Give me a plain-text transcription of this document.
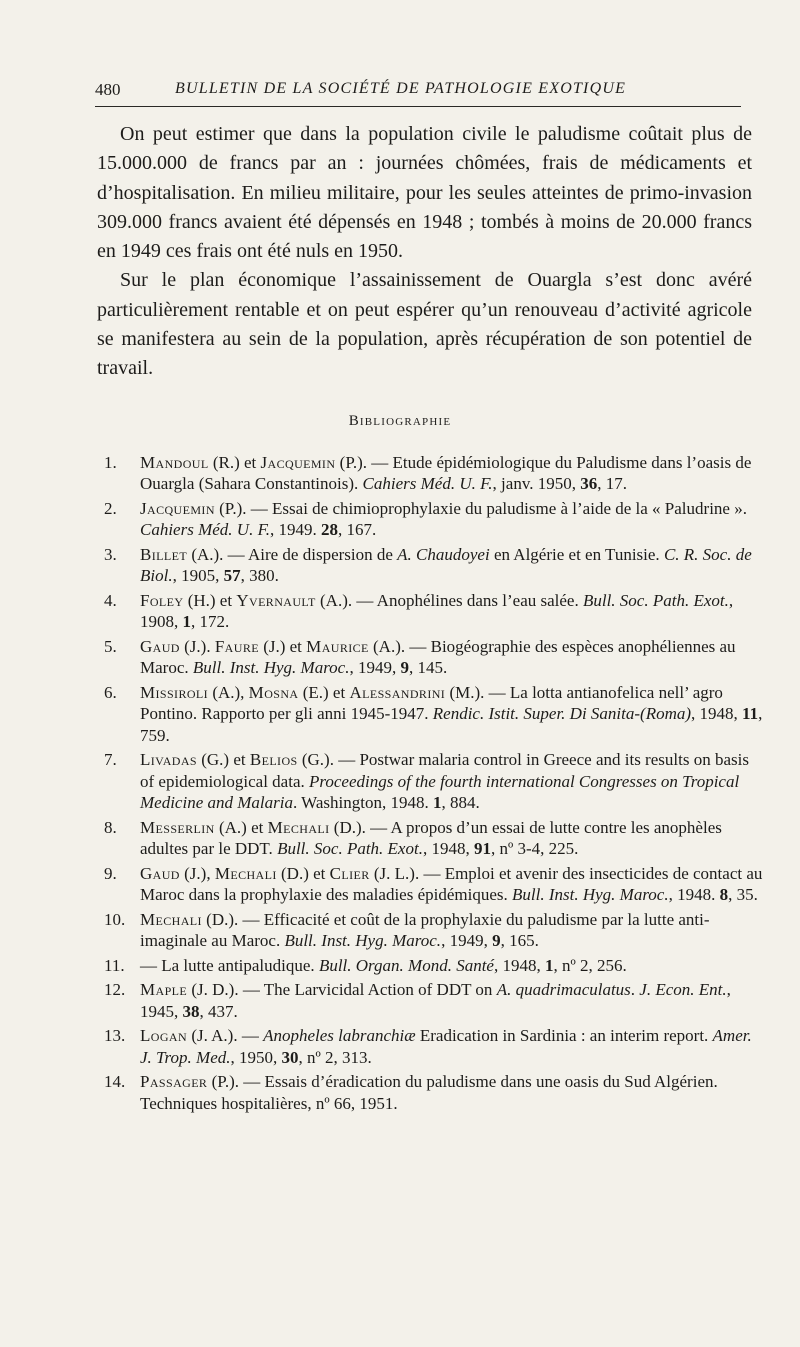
480	BULLETIN DE LA SOCIÉTÉ DE PATHOLOGIE EXOTIQUE

On peut estimer que dans la population civile le paludisme coûtait plus de 15.000.000 de francs par an : journées chômées, frais de médicaments et d’hospitalisation. En milieu militaire, pour les seules atteintes de primo-invasion 309.000 francs avaient été dépensés en 1948 ; tombés à moins de 20.000 francs en 1949 ces frais ont été nuls en 1950.

Sur le plan économique l’assainissement de Ouargla s’est donc avéré particulièrement rentable et on peut espérer qu’un renouveau d’activité agricole se manifestera au sein de la population, après récupération de son potentiel de travail.

Bibliographie
1.	Mandoul (R.) et Jacquemin (P.). — Etude épidémiologique du Paludisme dans l’oasis de Ouargla (Sahara Constantinois). Cahiers Méd. U. F., janv. 1950, 36, 17.
2.	Jacquemin (P.). — Essai de chimioprophylaxie du paludisme à l’aide de la « Paludrine ». Cahiers Méd. U. F., 1949. 28, 167.
3.	Billet (A.). — Aire de dispersion de A. Chaudoyei en Algérie et en Tunisie. C. R. Soc. de Biol., 1905, 57, 380.
4.	Foley (H.) et Yvernault (A.). — Anophélines dans l’eau salée. Bull. Soc. Path. Exot., 1908, 1, 172.
5.	Gaud (J.). Faure (J.) et Maurice (A.). — Biogéographie des espèces anophéliennes au Maroc. Bull. Inst. Hyg. Maroc., 1949, 9, 145.
6.	Missiroli (A.), Mosna (E.) et Alessandrini (M.). — La lotta antianofelica nell’ agro Pontino. Rapporto per gli anni 1945-1947. Rendic. Istit. Super. Di Sanita-(Roma), 1948, 11, 759.
7.	Livadas (G.) et Belios (G.). — Postwar malaria control in Greece and its results on basis of epidemiological data. Proceedings of the fourth international Congresses on Tropical Medicine and Malaria. Washington, 1948. 1, 884.
8.	Messerlin (A.) et Mechali (D.). — A propos d’un essai de lutte contre les anophèles adultes par le DDT. Bull. Soc. Path. Exot., 1948, 91, nº 3-4, 225.
9.	Gaud (J.), Mechali (D.) et Clier (J. L.). — Emploi et avenir des insecticides de contact au Maroc dans la prophylaxie des maladies épidémiques. Bull. Inst. Hyg. Maroc., 1948. 8, 35.
10. Mechali (D.). — Efficacité et coût de la prophylaxie du paludisme par la lutte anti-imaginale au Maroc. Bull. Inst. Hyg. Maroc., 1949, 9, 165.
11. — La lutte antipaludique. Bull. Organ. Mond. Santé, 1948, 1, nº 2, 256.
12. Maple (J. D.). — The Larvicidal Action of DDT on A. quadrimaculatus. J. Econ. Ent., 1945, 38, 437.
13. Logan (J. A.). — Anopheles labranchiæ Eradication in Sardinia : an interim report. Amer. J. Trop. Med., 1950, 30, nº 2, 313.
14. Passager (P.). — Essais d’éradication du paludisme dans une oasis du Sud Algérien. Techniques hospitalières, nº 66, 1951.
